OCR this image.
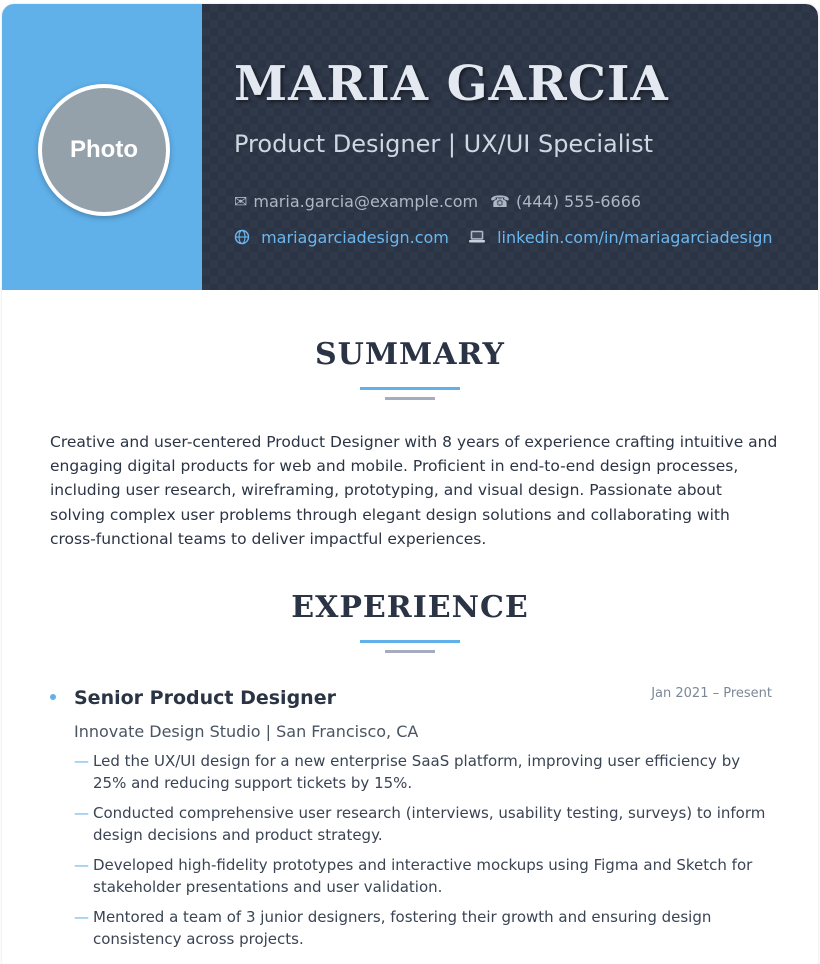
Photo
MARIA GARCIA
Product Designer | UX/UI Specialist
✉ maria.garcia@example.com ☎ (444) 555-6666
mariagarciadesign.com	linkedin.com/in/mariagarciadesign
SUMMARY

Creative and user-centered Product Designer with 8 years of experience crafting intuitive and engaging digital products for web and mobile. Proficient in end-to-end design processes, including user research, wireframing, prototyping, and visual design. Passionate about solving complex user problems through elegant design solutions and collaborating with cross-functional teams to deliver impactful experiences.

EXPERIENCE
Senior Product Designer	Jan 2021 – Present
Innovate Design Studio | San Francisco, CA
— Led the UX/UI design for a new enterprise SaaS platform, improving user efficiency by 25% and reducing support tickets by 15%.
— Conducted comprehensive user research (interviews, usability testing, surveys) to inform design decisions and product strategy.
— Developed high-fidelity prototypes and interactive mockups using Figma and Sketch for stakeholder presentations and user validation.
— Mentored a team of 3 junior designers, fostering their growth and ensuring design consistency across projects.
